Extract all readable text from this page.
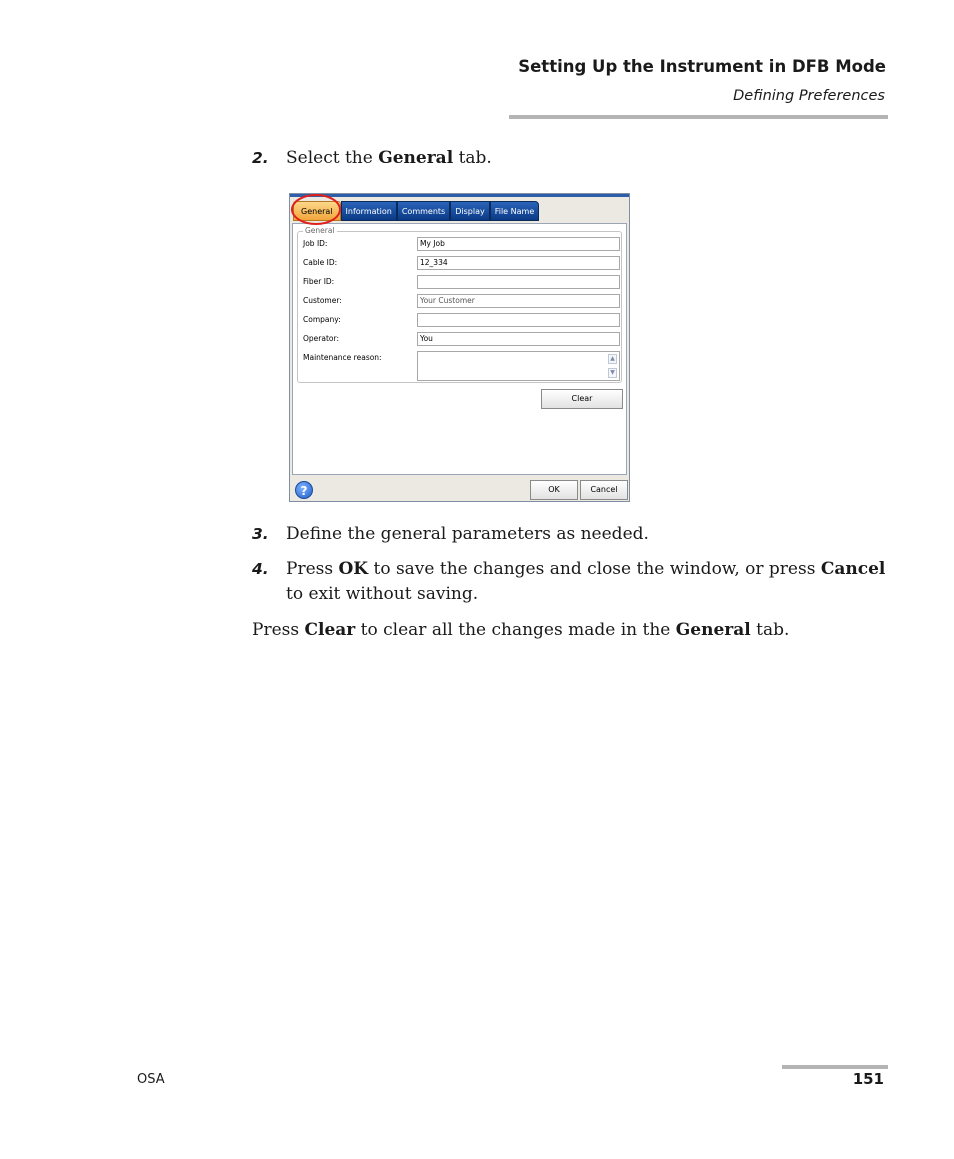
Setting Up the Instrument in DFB Mode
Defining Preferences
2. Select the General tab.
General	Information	Comments	Display	File Name
General
Job ID:	My Job
Cable ID:	12_334
Fiber ID:
Customer:	Your Customer
Company:
Operator:	You
Maintenance reason:	▲
▼
Clear
?	OK	Cancel
3. Define the general parameters as needed.
4. Press OK to save the changes and close the window, or press Cancel to exit without saving.
Press Clear to clear all the changes made in the General tab.
OSA	151
